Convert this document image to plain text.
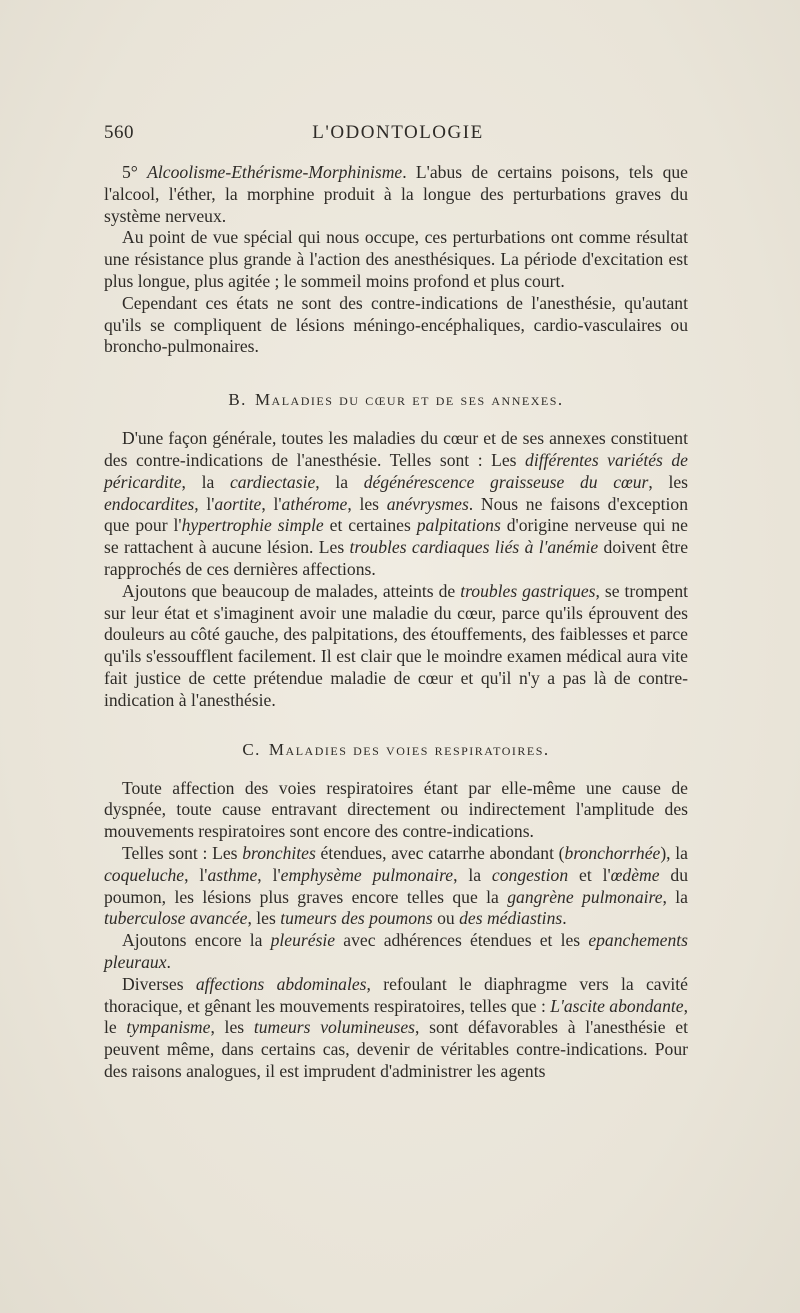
560	L'ODONTOLOGIE

5° Alcoolisme-Ethérisme-Morphinisme. L'abus de certains poisons, tels que l'alcool, l'éther, la morphine produit à la longue des perturbations graves du système nerveux.

Au point de vue spécial qui nous occupe, ces perturbations ont comme résultat une résistance plus grande à l'action des anesthésiques. La période d'excitation est plus longue, plus agitée ; le sommeil moins profond et plus court.

Cependant ces états ne sont des contre-indications de l'anesthésie, qu'autant qu'ils se compliquent de lésions méningo-encéphaliques, cardio-vasculaires ou broncho-pulmonaires.

B. Maladies du cœur et de ses annexes.

D'une façon générale, toutes les maladies du cœur et de ses annexes constituent des contre-indications de l'anesthésie. Telles sont : Les différentes variétés de péricardite, la cardiectasie, la dégénérescence graisseuse du cœur, les endocardites, l'aortite, l'athérome, les anévrysmes. Nous ne faisons d'exception que pour l'hypertrophie simple et certaines palpitations d'origine nerveuse qui ne se rattachent à aucune lésion. Les troubles cardiaques liés à l'anémie doivent être rapprochés de ces dernières affections.

Ajoutons que beaucoup de malades, atteints de troubles gastriques, se trompent sur leur état et s'imaginent avoir une maladie du cœur, parce qu'ils éprouvent des douleurs au côté gauche, des palpitations, des étouffements, des faiblesses et parce qu'ils s'essoufflent facilement. Il est clair que le moindre examen médical aura vite fait justice de cette prétendue maladie de cœur et qu'il n'y a pas là de contre-indication à l'anesthésie.

C. Maladies des voies respiratoires.

Toute affection des voies respiratoires étant par elle-même une cause de dyspnée, toute cause entravant directement ou indirectement l'amplitude des mouvements respiratoires sont encore des contre-indications.

Telles sont : Les bronchites étendues, avec catarrhe abondant (bronchorrhée), la coqueluche, l'asthme, l'emphysème pulmonaire, la congestion et l'œdème du poumon, les lésions plus graves encore telles que la gangrène pulmonaire, la tuberculose avancée, les tumeurs des poumons ou des médiastins.

Ajoutons encore la pleurésie avec adhérences étendues et les epanchements pleuraux.

Diverses affections abdominales, refoulant le diaphragme vers la cavité thoracique, et gênant les mouvements respiratoires, telles que : L'ascite abondante, le tympanisme, les tumeurs volumineuses, sont défavorables à l'anesthésie et peuvent même, dans certains cas, devenir de véritables contre-indications. Pour des raisons analogues, il est imprudent d'administrer les agents
